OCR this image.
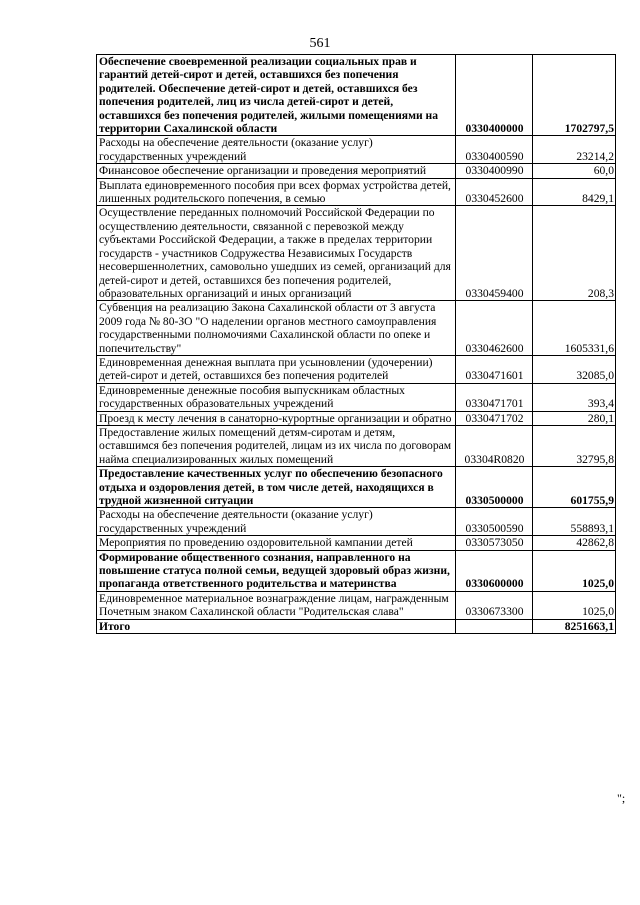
561
Обеспечение своевременной реализации социальных прав и гарантий детей-сирот и детей, оставшихся без попечения родителей. Обеспечение детей-сирот и детей, оставшихся без попечения родителей, лиц из числа детей-сирот и детей, оставшихся без попечения родителей, жилыми помещениями на территории Сахалинской области	0330400000	1702797,5
Расходы на обеспечение деятельности (оказание услуг) государственных учреждений	0330400590	23214,2
Финансовое обеспечение организации и проведения мероприятий	0330400990	60,0
Выплата единовременного пособия при всех формах устройства детей, лишенных родительского попечения, в семью	0330452600	8429,1
Осуществление переданных полномочий Российской Федерации по осуществлению деятельности, связанной с перевозкой между субъектами Российской Федерации, а также в пределах территории государств - участников Содружества Независимых Государств несовершеннолетних, самовольно ушедших из семей, организаций для детей-сирот и детей, оставшихся без попечения родителей, образовательных организаций и иных организаций	0330459400	208,3
Субвенция на реализацию Закона Сахалинской области от 3 августа 2009 года № 80-ЗО "О наделении органов местного самоуправления государственными полномочиями Сахалинской области по опеке и попечительству"	0330462600	1605331,6
Единовременная денежная выплата при усыновлении (удочерении) детей-сирот и детей, оставшихся без попечения родителей	0330471601	32085,0
Единовременные денежные пособия выпускникам областных государственных образовательных учреждений	0330471701	393,4
Проезд к месту лечения в санаторно-курортные организации и обратно	0330471702	280,1
Предоставление жилых помещений детям-сиротам и детям, оставшимся без попечения родителей, лицам из их числа по договорам найма специализированных жилых помещений	03304R0820	32795,8
Предоставление качественных услуг по обеспечению безопасного отдыха и оздоровления детей, в том числе детей, находящихся в трудной жизненной ситуации	0330500000	601755,9
Расходы на обеспечение деятельности (оказание услуг) государственных учреждений	0330500590	558893,1
Мероприятия по проведению оздоровительной кампании детей	0330573050	42862,8
Формирование общественного сознания, направленного на повышение статуса полной семьи, ведущей здоровый образ жизни, пропаганда ответственного родительства и материнства	0330600000	1025,0
Единовременное материальное вознаграждение лицам, награжденным Почетным знаком Сахалинской области "Родительская слава"	0330673300	1025,0
Итого		8251663,1
";
